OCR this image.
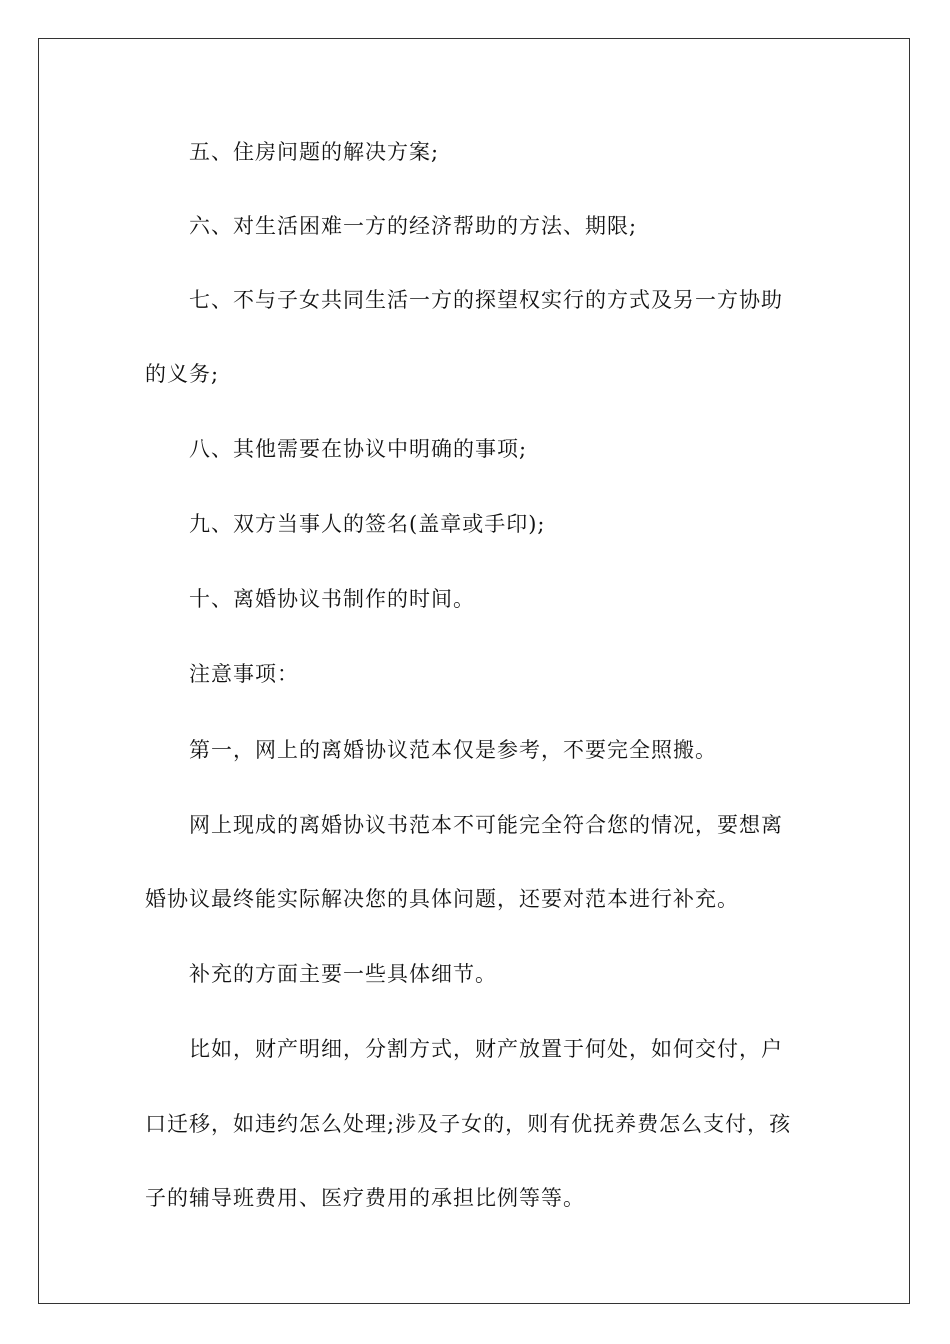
五、住房问题的解决方案;
六、对生活困难一方的经济帮助的方法、期限;
七、不与子女共同生活一方的探望权实行的方式及另一方协助
的义务;
八、其他需要在协议中明确的事项;
九、双方当事人的签名(盖章或手印);
十、离婚协议书制作的时间。
注意事项：
第一，网上的离婚协议范本仅是参考，不要完全照搬。
网上现成的离婚协议书范本不可能完全符合您的情况，要想离
婚协议最终能实际解决您的具体问题，还要对范本进行补充。
补充的方面主要一些具体细节。
比如，财产明细，分割方式，财产放置于何处，如何交付，户
口迁移，如违约怎么处理;涉及子女的，则有优抚养费怎么支付，孩
子的辅导班费用、医疗费用的承担比例等等。
